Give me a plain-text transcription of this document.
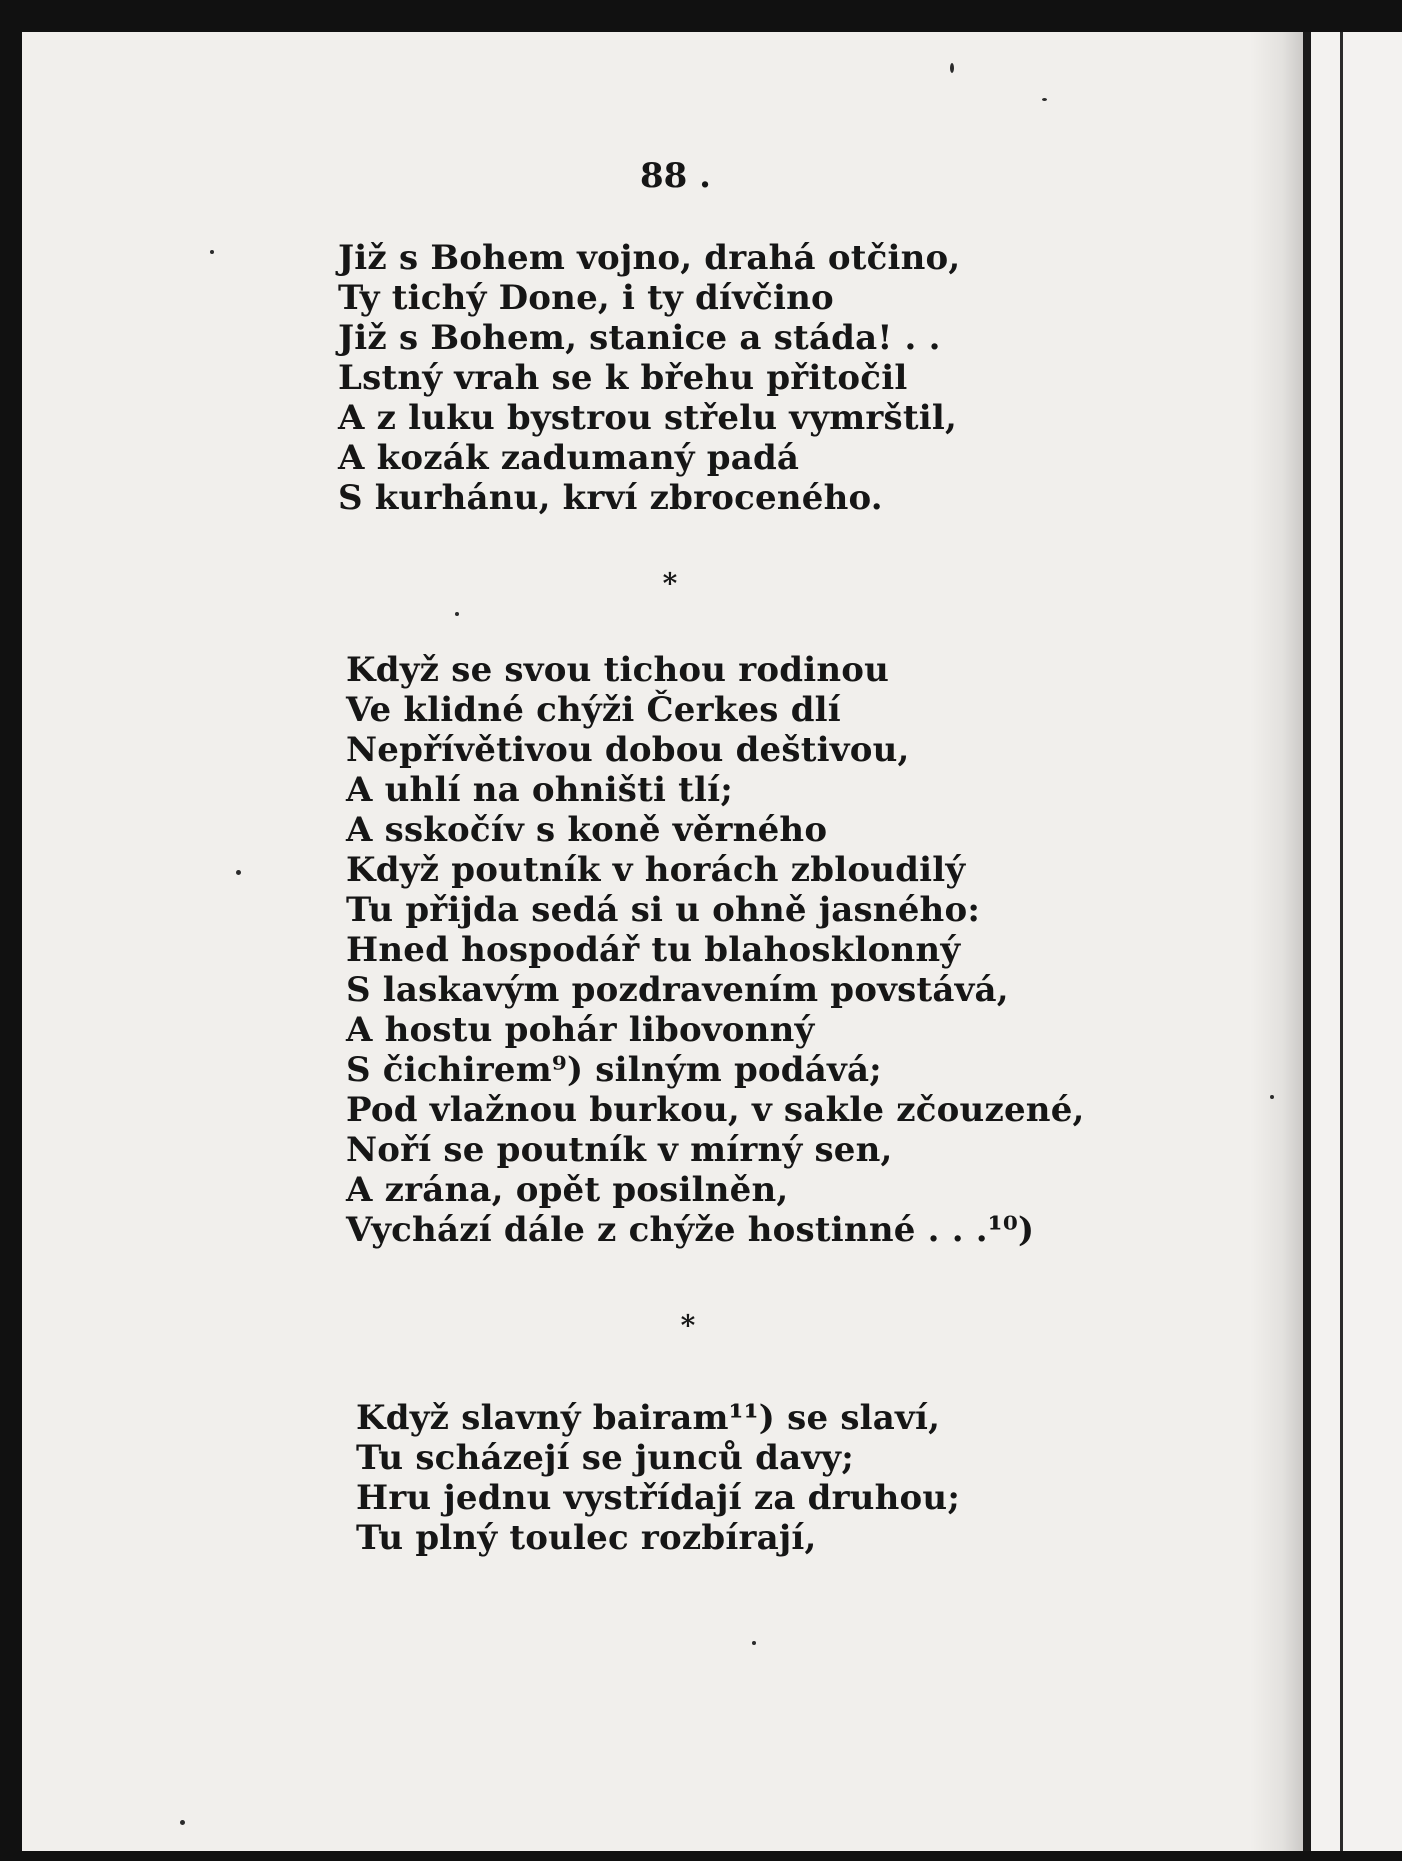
88 .
Již s Bohem vojno, drahá otčino,
Ty tichý Done, i ty dívčino
Již s Bohem, stanice a stáda! . .
Lstný vrah se k břehu přitočil
A z luku bystrou střelu vymrštil,
A kozák zadumaný padá
S kurhánu, krví zbroceného.
*
Když se svou tichou rodinou
Ve klidné chýži Čerkes dlí
Nepřívětivou dobou deštivou,
A uhlí na ohništi tlí;
A sskočív s koně věrného
Když poutník v horách zbloudilý
Tu přijda sedá si u ohně jasného:
Hned hospodář tu blahosklonný
S laskavým pozdravením povstává,
A hostu pohár libovonný
S čichirem⁹) silným podává;
Pod vlažnou burkou, v sakle zčouzené,
Noří se poutník v mírný sen,
A zrána, opět posilněn,
Vychází dále z chýže hostinné . . .¹⁰)
*
Když slavný bairam¹¹) se slaví,
Tu scházejí se junců davy;
Hru jednu vystřídají za druhou;
Tu plný toulec rozbírají,
